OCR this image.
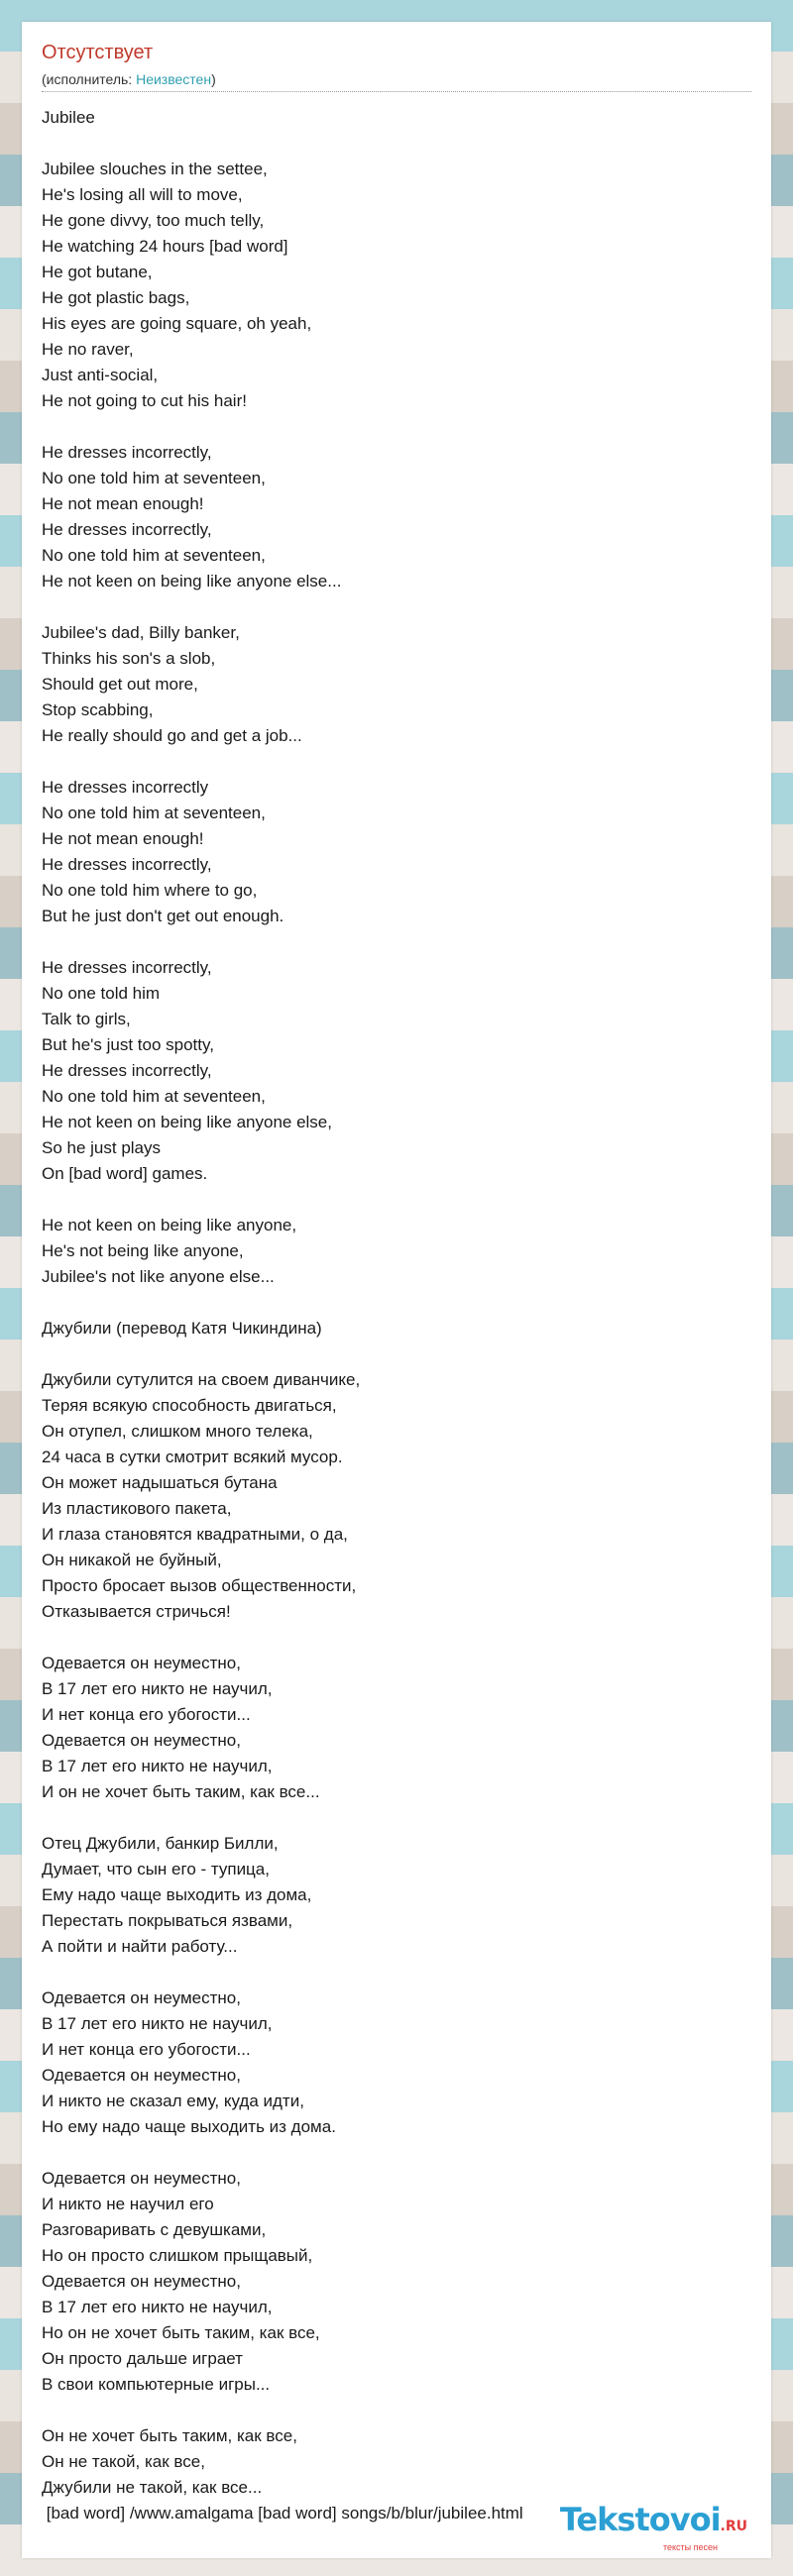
Отсутствует
(исполнитель: Неизвестен)
Jubilee
Jubilee slouches in the settee,
He's losing all will to move,
He gone divvy, too much telly,
He watching 24 hours [bad word]
He got butane,
He got plastic bags,
His eyes are going square, oh yeah,
He no raver,
Just anti-social,
He not going to cut his hair!
He dresses incorrectly,
No one told him at seventeen,
He not mean enough!
He dresses incorrectly,
No one told him at seventeen,
He not keen on being like anyone else...
Jubilee's dad, Billy banker,
Thinks his son's a slob,
Should get out more,
Stop scabbing,
He really should go and get a job...
He dresses incorrectly
No one told him at seventeen,
He not mean enough!
He dresses incorrectly,
No one told him where to go,
But he just don't get out enough.
He dresses incorrectly,
No one told him
Talk to girls,
But he's just too spotty,
He dresses incorrectly,
No one told him at seventeen,
He not keen on being like anyone else,
So he just plays
On [bad word] games.
He not keen on being like anyone,
He's not being like anyone,
Jubilee's not like anyone else...
Джубили (перевод Катя Чикиндина)
Джубили сутулится на своем диванчике,
Теряя всякую способность двигаться,
Он отупел, слишком много телека,
24 часа в сутки смотрит всякий мусор.
Он может надышаться бутана
Из пластикового пакета,
И глаза становятся квадратными, о да,
Он никакой не буйный,
Просто бросает вызов общественности,
Отказывается стричься!
Одевается он неуместно,
В 17 лет его никто не научил,
И нет конца его убогости...
Одевается он неуместно,
В 17 лет его никто не научил,
И он не хочет быть таким, как все...
Отец Джубили, банкир Билли,
Думает, что сын его - тупица,
Ему надо чаще выходить из дома,
Перестать покрываться язвами,
А пойти и найти работу...
Одевается он неуместно,
В 17 лет его никто не научил,
И нет конца его убогости...
Одевается он неуместно,
И никто не сказал ему, куда идти,
Но ему надо чаще выходить из дома.
Одевается он неуместно,
И никто не научил его
Разговаривать с девушками,
Но он просто слишком прыщавый,
Одевается он неуместно,
В 17 лет его никто не научил,
Но он не хочет быть таким, как все,
Он просто дальше играет
В свои компьютерные игры...
Он не хочет быть таким, как все,
Он не такой, как все,
Джубили не такой, как все...
[bad word] /www.amalgama [bad word] songs/b/blur/jubilee.html	Tekstovoi.RU
тексты песен
